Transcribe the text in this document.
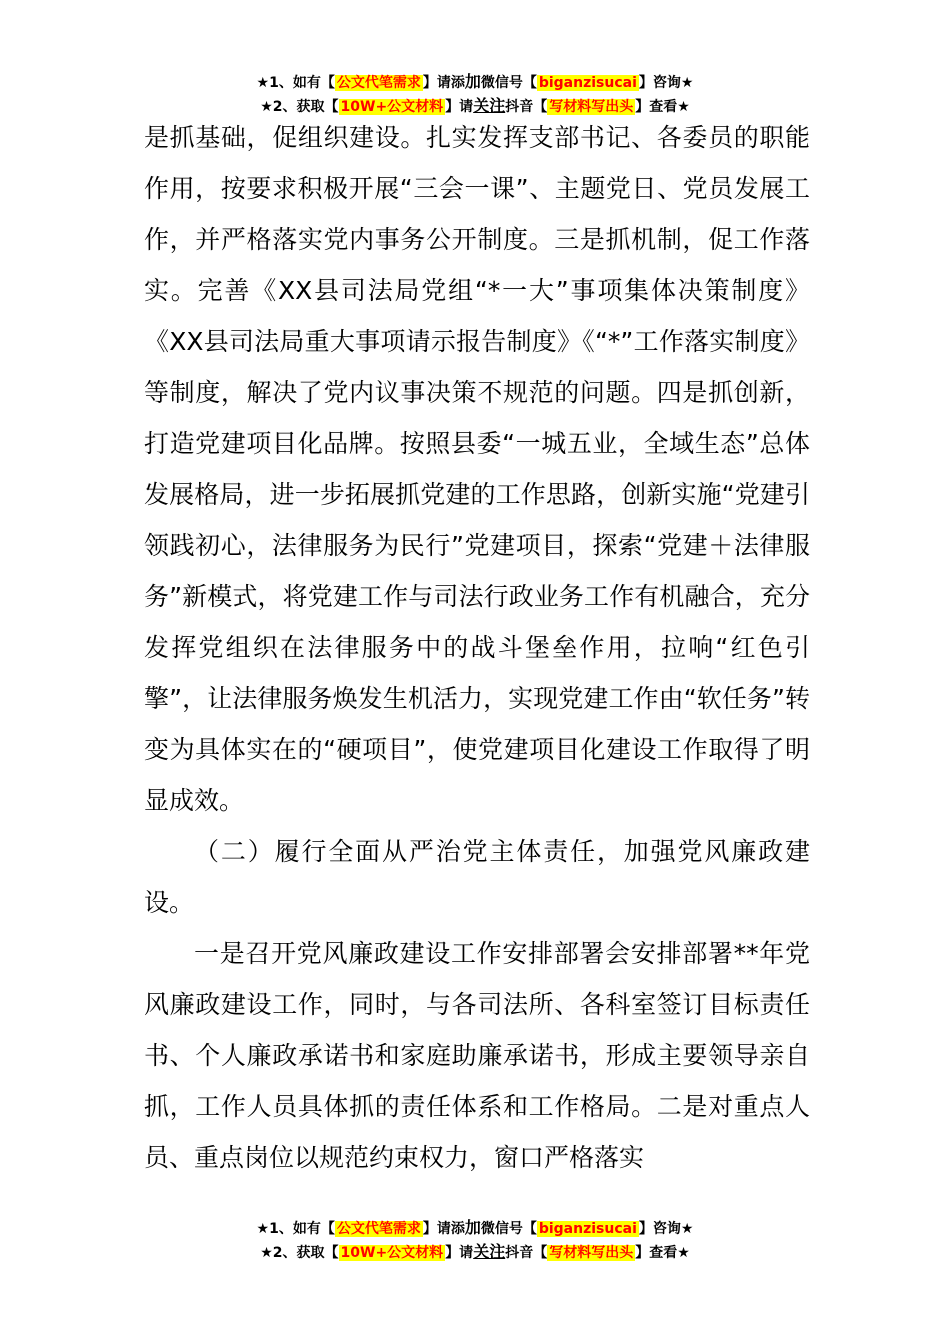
★1、如有【 公文代笔需求 】请添加微信号【 biganzisucai 】咨询★
★2、获取【 10W+公文材料 】请关注抖音【 写材料写出头 】查看★

是抓基础，促组织建设。扎实发挥支部书记、各委员的职能作用，按要求积极开展“三会一课”、主题党日、党员发展工作，并严格落实党内事务公开制度。三是抓机制，促工作落实。完善《XX县司法局党组“*一大”事项集体决策制度》《XX县司法局重大事项请示报告制度》《“*”工作落实制度》等制度，解决了党内议事决策不规范的问题。四是抓创新，打造党建项目化品牌。按照县委“一城五业，全域生态”总体发展格局，进一步拓展抓党建的工作思路，创新实施“党建引领践初心，法律服务为民行”党建项目，探索“党建＋法律服务”新模式，将党建工作与司法行政业务工作有机融合，充分发挥党组织在法律服务中的战斗堡垒作用，拉响“红色引擎”，让法律服务焕发生机活力，实现党建工作由“软任务”转变为具体实在的“硬项目”，使党建项目化建设工作取得了明显成效。

（二）履行全面从严治党主体责任，加强党风廉政建设。

一是召开党风廉政建设工作安排部署会安排部署**年党风廉政建设工作，同时，与各司法所、各科室签订目标责任书、个人廉政承诺书和家庭助廉承诺书，形成主要领导亲自抓，工作人员具体抓的责任体系和工作格局。二是对重点人员、重点岗位以规范约束权力，窗口严格落实

★1、如有【 公文代笔需求 】请添加微信号【 biganzisucai 】咨询★
★2、获取【 10W+公文材料 】请关注抖音【 写材料写出头 】查看★
